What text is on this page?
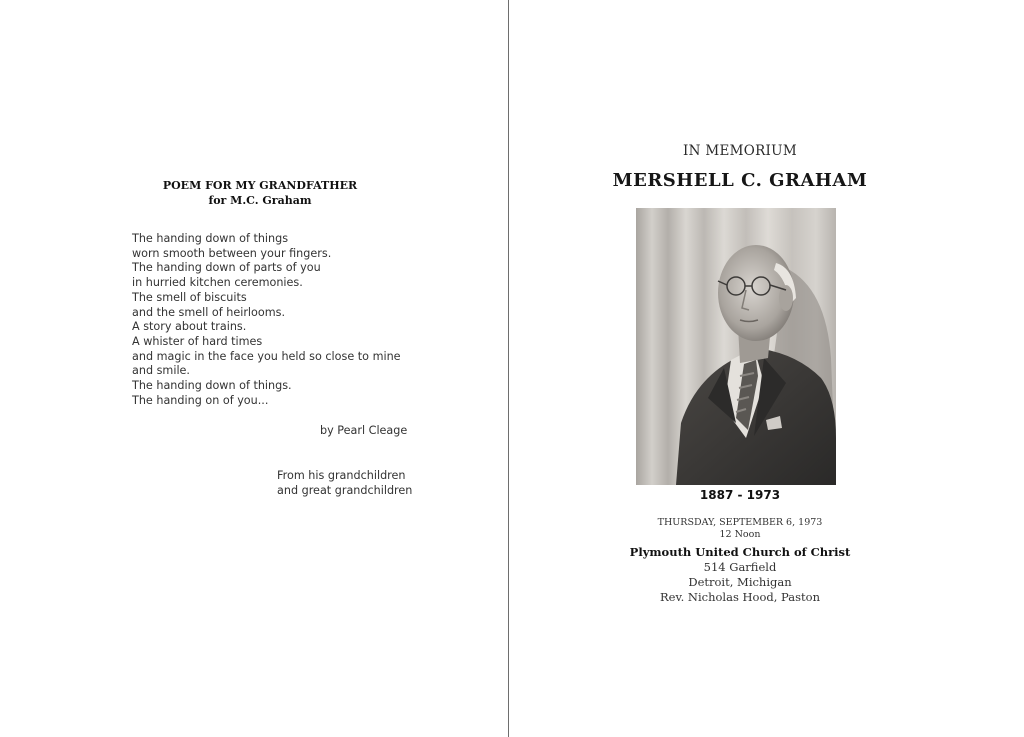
POEM FOR MY GRANDFATHER
for M.C. Graham
The handing down of things
worn smooth between your fingers.
The handing down of parts of you
in hurried kitchen ceremonies.
The smell of biscuits
and the smell of heirlooms.
A story about trains.
A whister of hard times
and magic in the face you held so close to mine
and smile.
The handing down of things.
The handing on of you...
by Pearl Cleage
From his grandchildren
and great grandchildren
IN MEMORIUM
MERSHELL C. GRAHAM
1887 - 1973
THURSDAY, SEPTEMBER 6, 1973
12 Noon
Plymouth United Church of Christ
514 Garfield
Detroit, Michigan
Rev. Nicholas Hood, Paston
